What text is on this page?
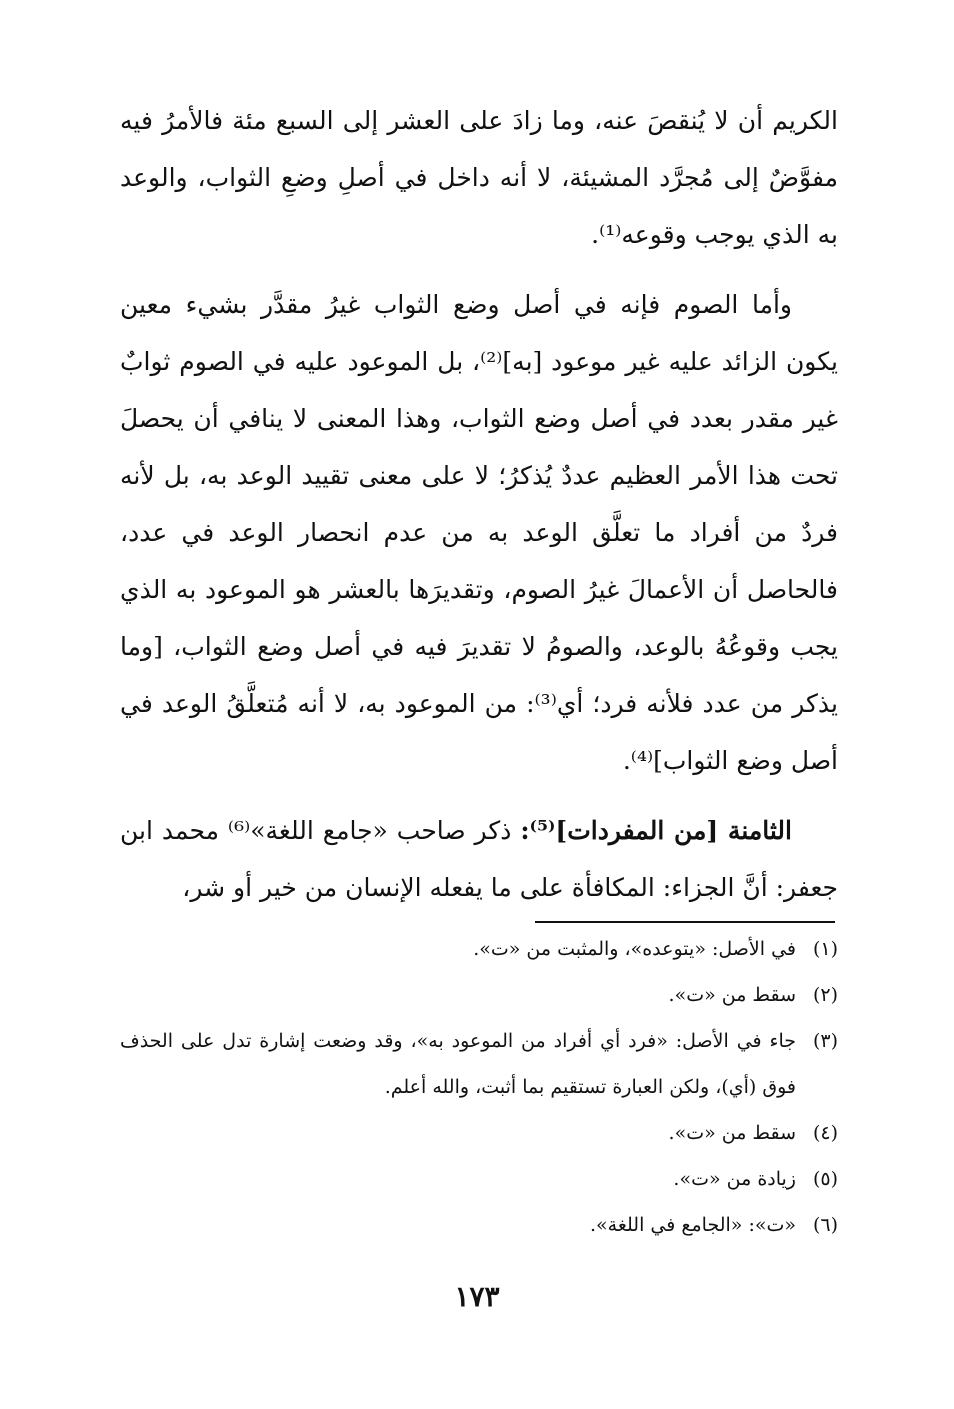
الكريم أن لا يُنقصَ عنه، وما زادَ على العشر إلى السبع مئة فالأمرُ فيه مفوَّضٌ إلى مُجرَّد المشيئة، لا أنه داخل في أصلِ وضعِ الثواب، والوعد به الذي يوجب وقوعه⁽¹⁾.

وأما الصوم فإنه في أصل وضع الثواب غيرُ مقدَّر بشيء معين يكون الزائد عليه غير موعود [به]⁽²⁾، بل الموعود عليه في الصوم ثوابٌ غير مقدر بعدد في أصل وضع الثواب، وهذا المعنى لا ينافي أن يحصلَ تحت هذا الأمر العظيم عددٌ يُذكرُ؛ لا على معنى تقييد الوعد به، بل لأنه فردٌ من أفراد ما تعلَّق الوعد به من عدم انحصار الوعد في عدد، فالحاصل أن الأعمالَ غيرُ الصوم، وتقديرَها بالعشر هو الموعود به الذي يجب وقوعُهُ بالوعد، والصومُ لا تقديرَ فيه في أصل وضع الثواب، [وما يذكر من عدد فلأنه فرد؛ أي⁽³⁾: من الموعود به، لا أنه مُتعلَّقُ الوعد في أصل وضع الثواب]⁽⁴⁾.

الثامنة [من المفردات]⁽⁵⁾: ذكر صاحب «جامع اللغة»⁽⁶⁾ محمد ابن جعفر: أنَّ الجزاء: المكافأة على ما يفعله الإنسان من خير أو شر،

(١)
في الأصل: «يتوعده»، والمثبت من «ت».
(٢)
سقط من «ت».
(٣)
جاء في الأصل: «فرد أي أفراد من الموعود به»، وقد وضعت إشارة تدل على الحذف فوق (أي)، ولكن العبارة تستقيم بما أثبت، والله أعلم.
(٤)
سقط من «ت».
(٥)
زيادة من «ت».
(٦)
«ت»: «الجامع في اللغة».
١٧٣
